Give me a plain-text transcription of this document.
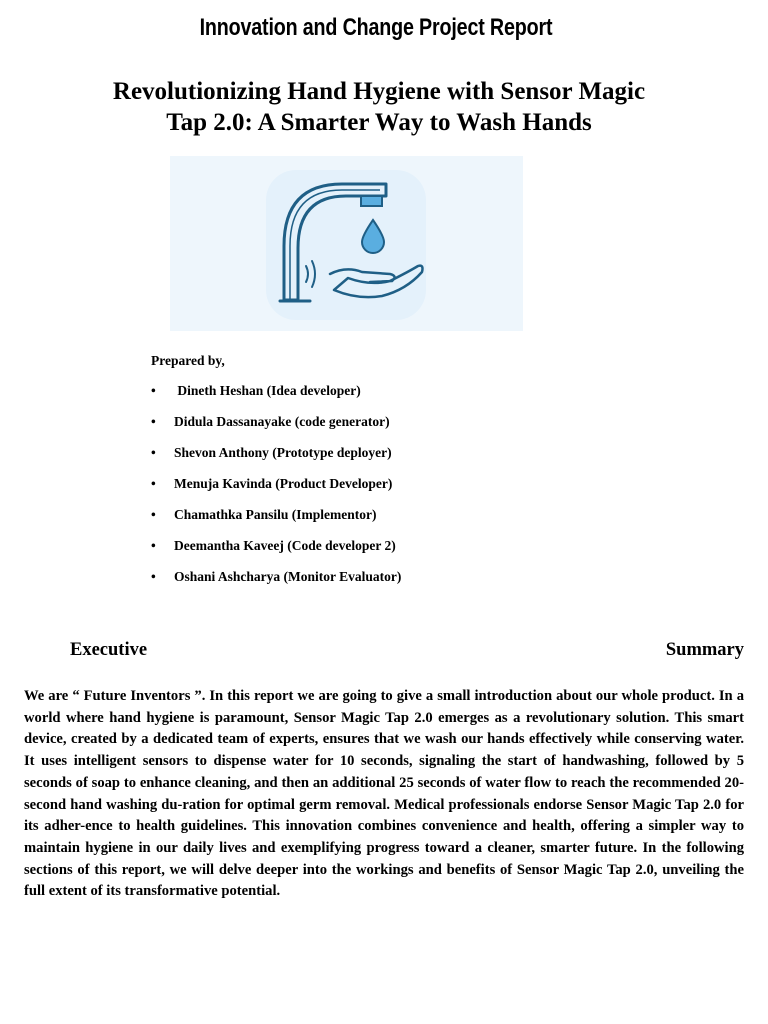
Innovation and Change Project Report
Revolutionizing Hand Hygiene with Sensor Magic
Tap 2.0: A Smarter Way to Wash Hands
Prepared by,
•	Dineth Heshan (Idea developer)
•	Didula Dassanayake (code generator)
•	Shevon Anthony (Prototype deployer)
•	Menuja Kavinda (Product Developer)
•	Chamathka Pansilu (Implementor)
•	Deemantha Kaveej (Code developer 2)
•	Oshani Ashcharya (Monitor Evaluator)
Executive	Summary
We are “ Future Inventors ”. In this report we are going to give a small introduction about our whole product. In a world where hand hygiene is paramount, Sensor Magic Tap 2.0 emerges as a revolutionary solution. This smart device, created by a dedicated team of experts, ensures that we wash our hands effectively while conserving water. It uses intelligent sensors to dispense water for 10 seconds, signaling the start of handwashing, followed by 5 seconds of soap to enhance cleaning, and then an additional 25 seconds of water flow to reach the recommended 20-second hand washing du-ration for optimal germ removal. Medical professionals endorse Sensor Magic Tap 2.0 for its adher-ence to health guidelines. This innovation combines convenience and health, offering a simpler way to maintain hygiene in our daily lives and exemplifying progress toward a cleaner, smarter future. In the following sections of this report, we will delve deeper into the workings and benefits of Sensor Magic Tap 2.0, unveiling the full extent of its transformative potential.
